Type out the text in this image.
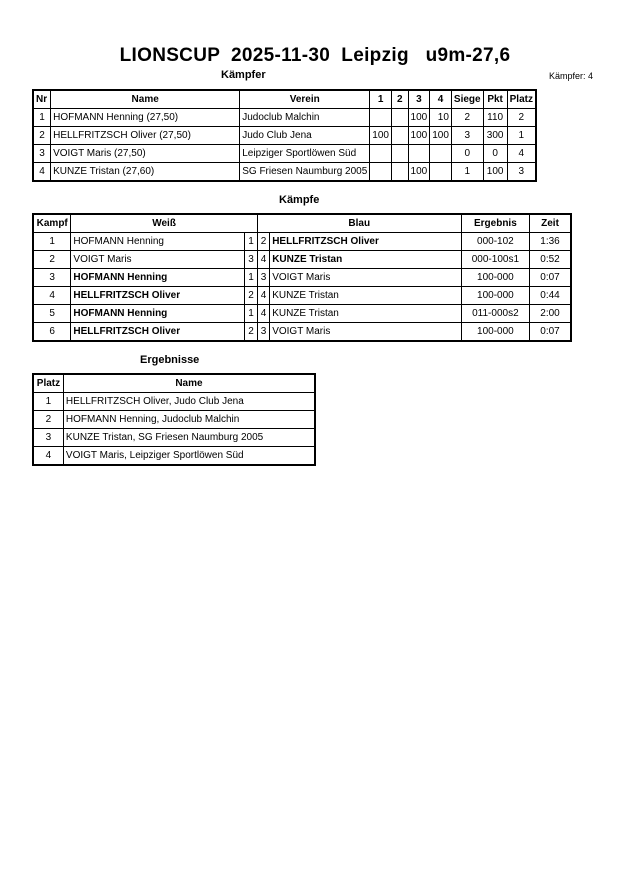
LIONSCUP  2025-11-30  Leipzig   u9m-27,6
Kämpfer	Kämpfer: 4
Nr	Name	Verein	1	2	3	4	Siege	Pkt	Platz
1	HOFMANN Henning (27,50)	Judoclub Malchin			100	10	2	110	2
2	HELLFRITZSCH Oliver (27,50)	Judo Club Jena	100		100	100	3	300	1
3	VOIGT Maris (27,50)	Leipziger Sportlöwen Süd					0	0	4
4	KUNZE Tristan (27,60)	SG Friesen Naumburg 2005			100		1	100	3
Kämpfe
Kampf	Weiß		Blau		Ergebnis	Zeit
1	HOFMANN Henning	1	2	HELLFRITZSCH Oliver	000-102	1:36
2	VOIGT Maris	3	4	KUNZE Tristan	000-100s1	0:52
3	HOFMANN Henning	1	3	VOIGT Maris	100-000	0:07
4	HELLFRITZSCH Oliver	2	4	KUNZE Tristan	100-000	0:44
5	HOFMANN Henning	1	4	KUNZE Tristan	011-000s2	2:00
6	HELLFRITZSCH Oliver	2	3	VOIGT Maris	100-000	0:07
Ergebnisse
Platz	Name
1	HELLFRITZSCH Oliver, Judo Club Jena
2	HOFMANN Henning, Judoclub Malchin
3	KUNZE Tristan, SG Friesen Naumburg 2005
4	VOIGT Maris, Leipziger Sportlöwen Süd
